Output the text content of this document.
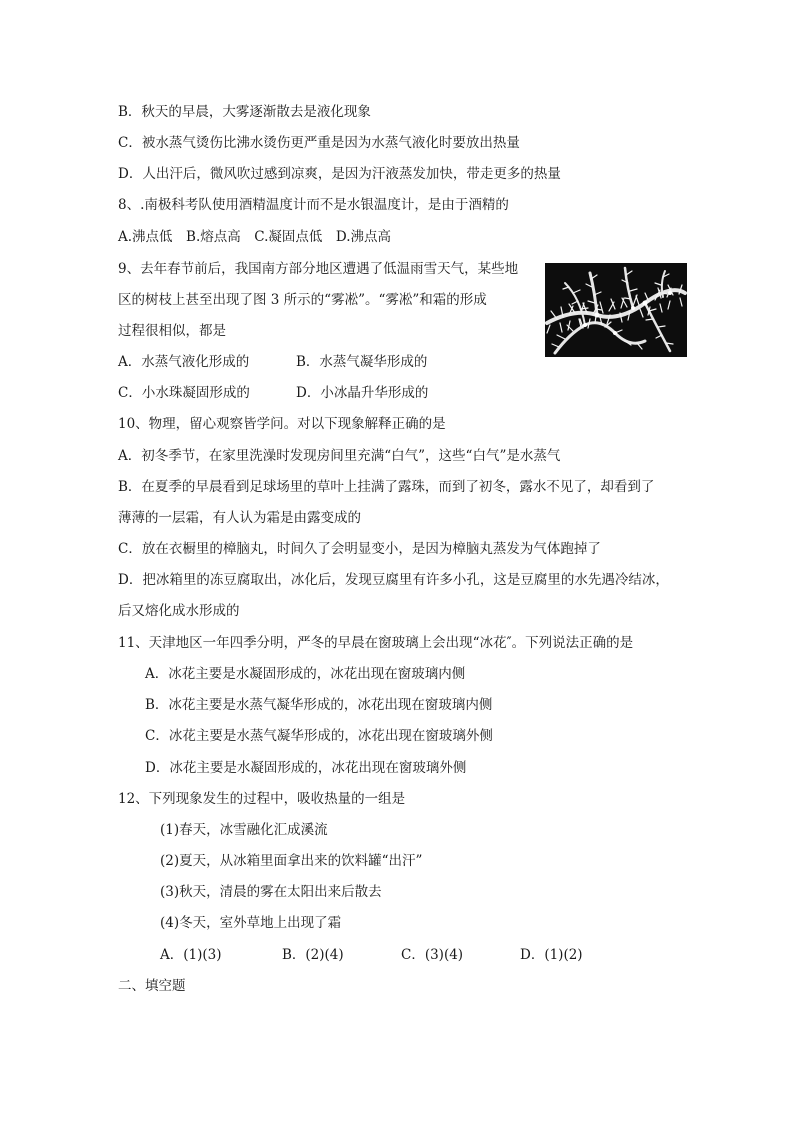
B．秋天的早晨，大雾逐渐散去是液化现象
C．被水蒸气烫伤比沸水烫伤更严重是因为水蒸气液化时要放出热量
D．人出汗后，微风吹过感到凉爽，是因为汗液蒸发加快，带走更多的热量
8、.南极科考队使用酒精温度计而不是水银温度计，是由于酒精的
A.沸点低　B.熔点高　C.凝固点低　D.沸点高
9、去年春节前后，我国南方部分地区遭遇了低温雨雪天气，某些地
区的树枝上甚至出现了图 3 所示的“雾凇”。“雾凇”和霜的形成
过程很相似，都是
A．水蒸气液化形成的	B．水蒸气凝华形成的
C．小水珠凝固形成的	D．小冰晶升华形成的
10、物理，留心观察皆学问。对以下现象解释正确的是
A．初冬季节，在家里洗澡时发现房间里充满“白气”，这些“白气”是水蒸气
B．在夏季的早晨看到足球场里的草叶上挂满了露珠，而到了初冬，露水不见了，却看到了
薄薄的一层霜，有人认为霜是由露变成的
C．放在衣橱里的樟脑丸，时间久了会明显变小，是因为樟脑丸蒸发为气体跑掉了
D．把冰箱里的冻豆腐取出，冰化后，发现豆腐里有许多小孔，这是豆腐里的水先遇冷结冰，
后又熔化成水形成的
11、天津地区一年四季分明，严冬的早晨在窗玻璃上会出现“冰花″。下列说法正确的是
A．冰花主要是水凝固形成的，冰花出现在窗玻璃内侧
B．冰花主要是水蒸气凝华形成的，冰花出现在窗玻璃内侧
C．冰花主要是水蒸气凝华形成的，冰花出现在窗玻璃外侧
D．冰花主要是水凝固形成的，冰花出现在窗玻璃外侧
12、下列现象发生的过程中，吸收热量的一组是
(1)春天，冰雪融化汇成溪流
(2)夏天，从冰箱里面拿出来的饮料罐“出汗”
(3)秋天，清晨的雾在太阳出来后散去
(4)冬天，室外草地上出现了霜
A．(1)(3)	B．(2)(4)	C．(3)(4)	D．(1)(2)
二、填空题
